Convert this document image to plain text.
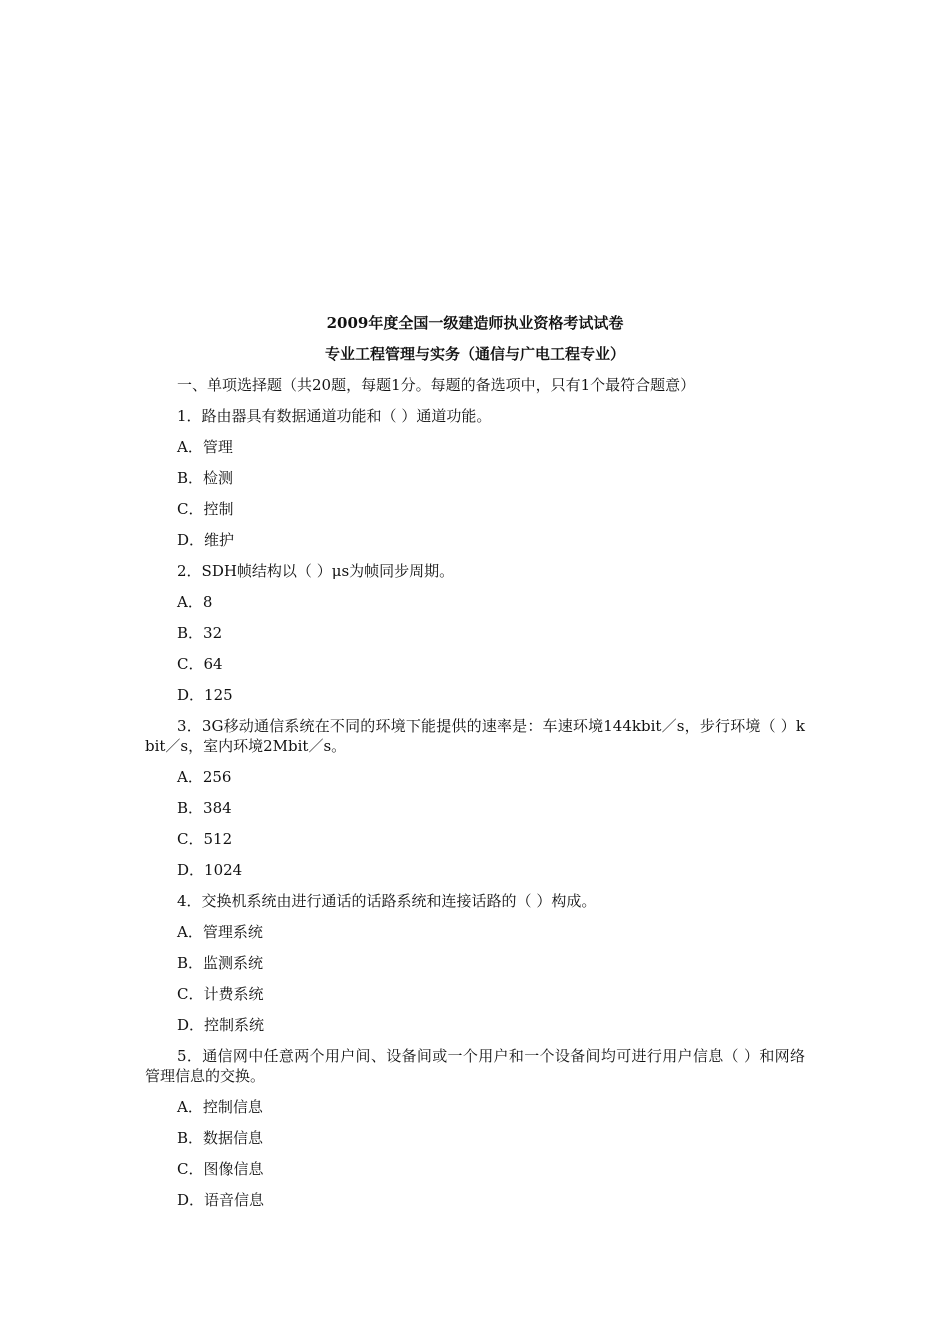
2009年度全国一级建造师执业资格考试试卷
专业工程管理与实务（通信与广电工程专业）
一、单项选择题（共20题，每题1分。每题的备选项中，只有1个最符合题意）
1．路由器具有数据通道功能和（ ）通道功能。
A．管理
B．检测
C．控制
D．维护
2．SDH帧结构以（ ）μs为帧同步周期。
A．8
B．32
C．64
D．125
3．3G移动通信系统在不同的环境下能提供的速率是：车速环境144kbit／s，步行环境（ ）kbit／s，室内环境2Mbit／s。
A．256
B．384
C．512
D．1024
4．交换机系统由进行通话的话路系统和连接话路的（ ）构成。
A．管理系统
B．监测系统
C．计费系统
D．控制系统
5．通信网中任意两个用户间、设备间或一个用户和一个设备间均可进行用户信息（ ）和网络管理信息的交换。
A．控制信息
B．数据信息
C．图像信息
D．语音信息
